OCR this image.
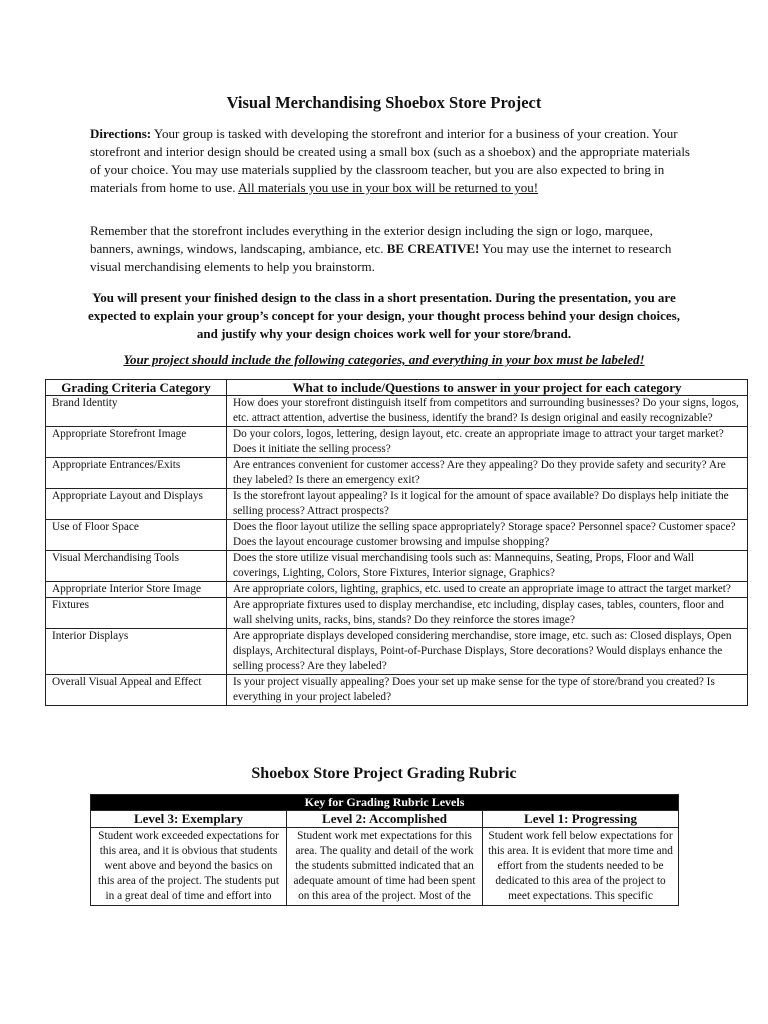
Visual Merchandising Shoebox Store Project
Directions: Your group is tasked with developing the storefront and interior for a business of your creation. Your storefront and interior design should be created using a small box (such as a shoebox) and the appropriate materials of your choice. You may use materials supplied by the classroom teacher, but you are also expected to bring in materials from home to use. All materials you use in your box will be returned to you!
Remember that the storefront includes everything in the exterior design including the sign or logo, marquee, banners, awnings, windows, landscaping, ambiance, etc. BE CREATIVE! You may use the internet to research visual merchandising elements to help you brainstorm.
You will present your finished design to the class in a short presentation. During the presentation, you are expected to explain your group’s concept for your design, your thought process behind your design choices, and justify why your design choices work well for your store/brand.
Your project should include the following categories, and everything in your box must be labeled!
Grading Criteria Category	What to include/Questions to answer in your project for each category
Brand Identity	How does your storefront distinguish itself from competitors and surrounding businesses? Do your signs, logos, etc. attract attention, advertise the business, identify the brand? Is design original and easily recognizable?
Appropriate Storefront Image	Do your colors, logos, lettering, design layout, etc. create an appropriate image to attract your target market? Does it initiate the selling process?
Appropriate Entrances/Exits	Are entrances convenient for customer access? Are they appealing? Do they provide safety and security? Are they labeled? Is there an emergency exit?
Appropriate Layout and Displays	Is the storefront layout appealing? Is it logical for the amount of space available? Do displays help initiate the selling process? Attract prospects?
Use of Floor Space	Does the floor layout utilize the selling space appropriately? Storage space? Personnel space? Customer space? Does the layout encourage customer browsing and impulse shopping?
Visual Merchandising Tools	Does the store utilize visual merchandising tools such as: Mannequins, Seating, Props, Floor and Wall coverings, Lighting, Colors, Store Fixtures, Interior signage, Graphics?
Appropriate Interior Store Image	Are appropriate colors, lighting, graphics, etc. used to create an appropriate image to attract the target market?
Fixtures	Are appropriate fixtures used to display merchandise, etc including, display cases, tables, counters, floor and wall shelving units, racks, bins, stands? Do they reinforce the stores image?
Interior Displays	Are appropriate displays developed considering merchandise, store image, etc. such as: Closed displays, Open displays, Architectural displays, Point-of-Purchase Displays, Store decorations? Would displays enhance the selling process? Are they labeled?
Overall Visual Appeal and Effect	Is your project visually appealing? Does your set up make sense for the type of store/brand you created? Is everything in your project labeled?
Shoebox Store Project Grading Rubric
Key for Grading Rubric Levels		
Level 3: Exemplary	Level 2: Accomplished	Level 1: Progressing
Student work exceeded expectations for this area, and it is obvious that students went above and beyond the basics on this area of the project. The students put in a great deal of time and effort into	Student work met expectations for this area. The quality and detail of the work the students submitted indicated that an adequate amount of time had been spent on this area of the project. Most of the	Student work fell below expectations for this area. It is evident that more time and effort from the students needed to be dedicated to this area of the project to meet expectations. This specific
